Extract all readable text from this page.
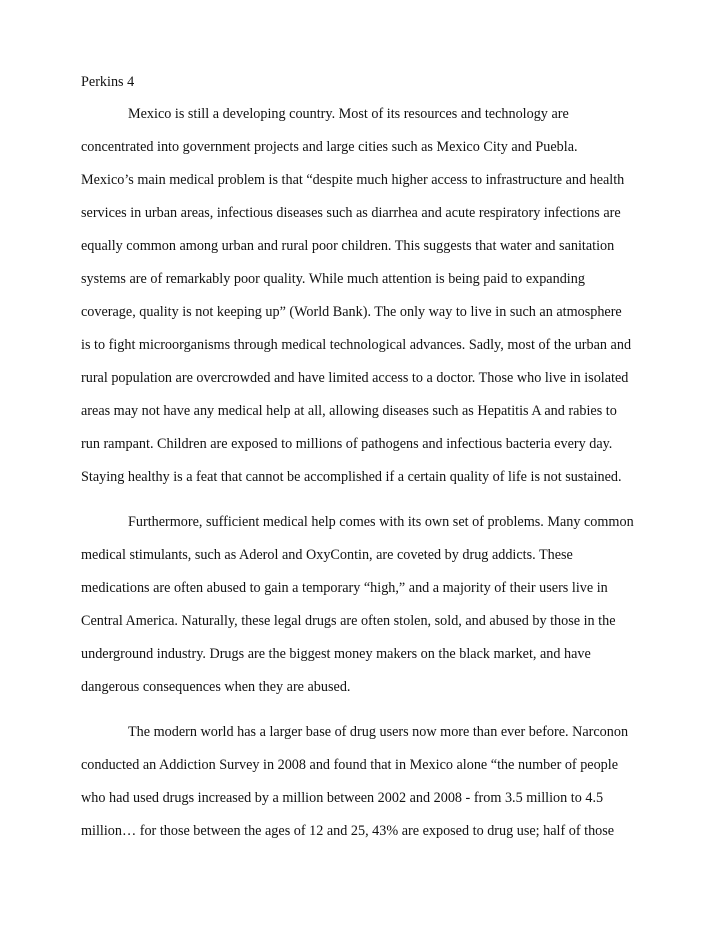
Perkins 4
Mexico is still a developing country. Most of its resources and technology are
concentrated into government projects and large cities such as Mexico City and Puebla.
Mexico’s main medical problem is that “despite much higher access to infrastructure and health
services in urban areas, infectious diseases such as diarrhea and acute respiratory infections are
equally common among urban and rural poor children. This suggests that water and sanitation
systems are of remarkably poor quality. While much attention is being paid to expanding
coverage, quality is not keeping up” (World Bank). The only way to live in such an atmosphere
is to fight microorganisms through medical technological advances. Sadly, most of the urban and
rural population are overcrowded and have limited access to a doctor. Those who live in isolated
areas may not have any medical help at all, allowing diseases such as Hepatitis A and rabies to
run rampant. Children are exposed to millions of pathogens and infectious bacteria every day.
Staying healthy is a feat that cannot be accomplished if a certain quality of life is not sustained.
Furthermore, sufficient medical help comes with its own set of problems. Many common
medical stimulants, such as Aderol and OxyContin, are coveted by drug addicts. These
medications are often abused to gain a temporary “high,” and a majority of their users live in
Central America. Naturally, these legal drugs are often stolen, sold, and abused by those in the
underground industry. Drugs are the biggest money makers on the black market, and have
dangerous consequences when they are abused.
The modern world has a larger base of drug users now more than ever before. Narconon
conducted an Addiction Survey in 2008 and found that in Mexico alone “the number of people
who had used drugs increased by a million between 2002 and 2008 - from 3.5 million to 4.5
million… for those between the ages of 12 and 25, 43% are exposed to drug use; half of those
